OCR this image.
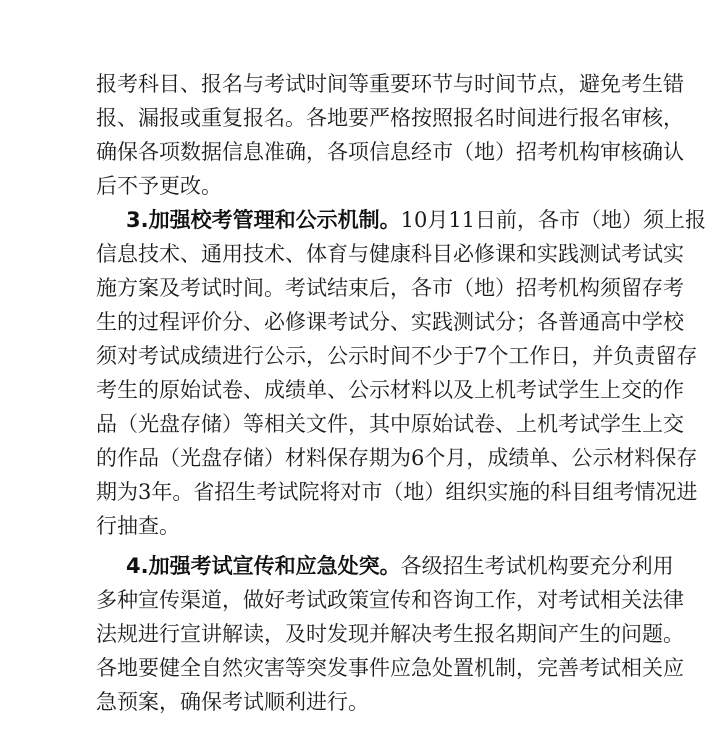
报考科目、报名与考试时间等重要环节与时间节点，避免考生错
报、漏报或重复报名。各地要严格按照报名时间进行报名审核，
确保各项数据信息准确，各项信息经市（地）招考机构审核确认
后不予更改。
3.加强校考管理和公示机制。10月11日前，各市（地）须上报
信息技术、通用技术、体育与健康科目必修课和实践测试考试实
施方案及考试时间。考试结束后，各市（地）招考机构须留存考
生的过程评价分、必修课考试分、实践测试分；各普通高中学校
须对考试成绩进行公示，公示时间不少于7个工作日，并负责留存
考生的原始试卷、成绩单、公示材料以及上机考试学生上交的作
品（光盘存储）等相关文件，其中原始试卷、上机考试学生上交
的作品（光盘存储）材料保存期为6个月，成绩单、公示材料保存
期为3年。省招生考试院将对市（地）组织实施的科目组考情况进
行抽查。
4.加强考试宣传和应急处突。各级招生考试机构要充分利用
多种宣传渠道，做好考试政策宣传和咨询工作，对考试相关法律
法规进行宣讲解读，及时发现并解决考生报名期间产生的问题。
各地要健全自然灾害等突发事件应急处置机制，完善考试相关应
急预案，确保考试顺利进行。
